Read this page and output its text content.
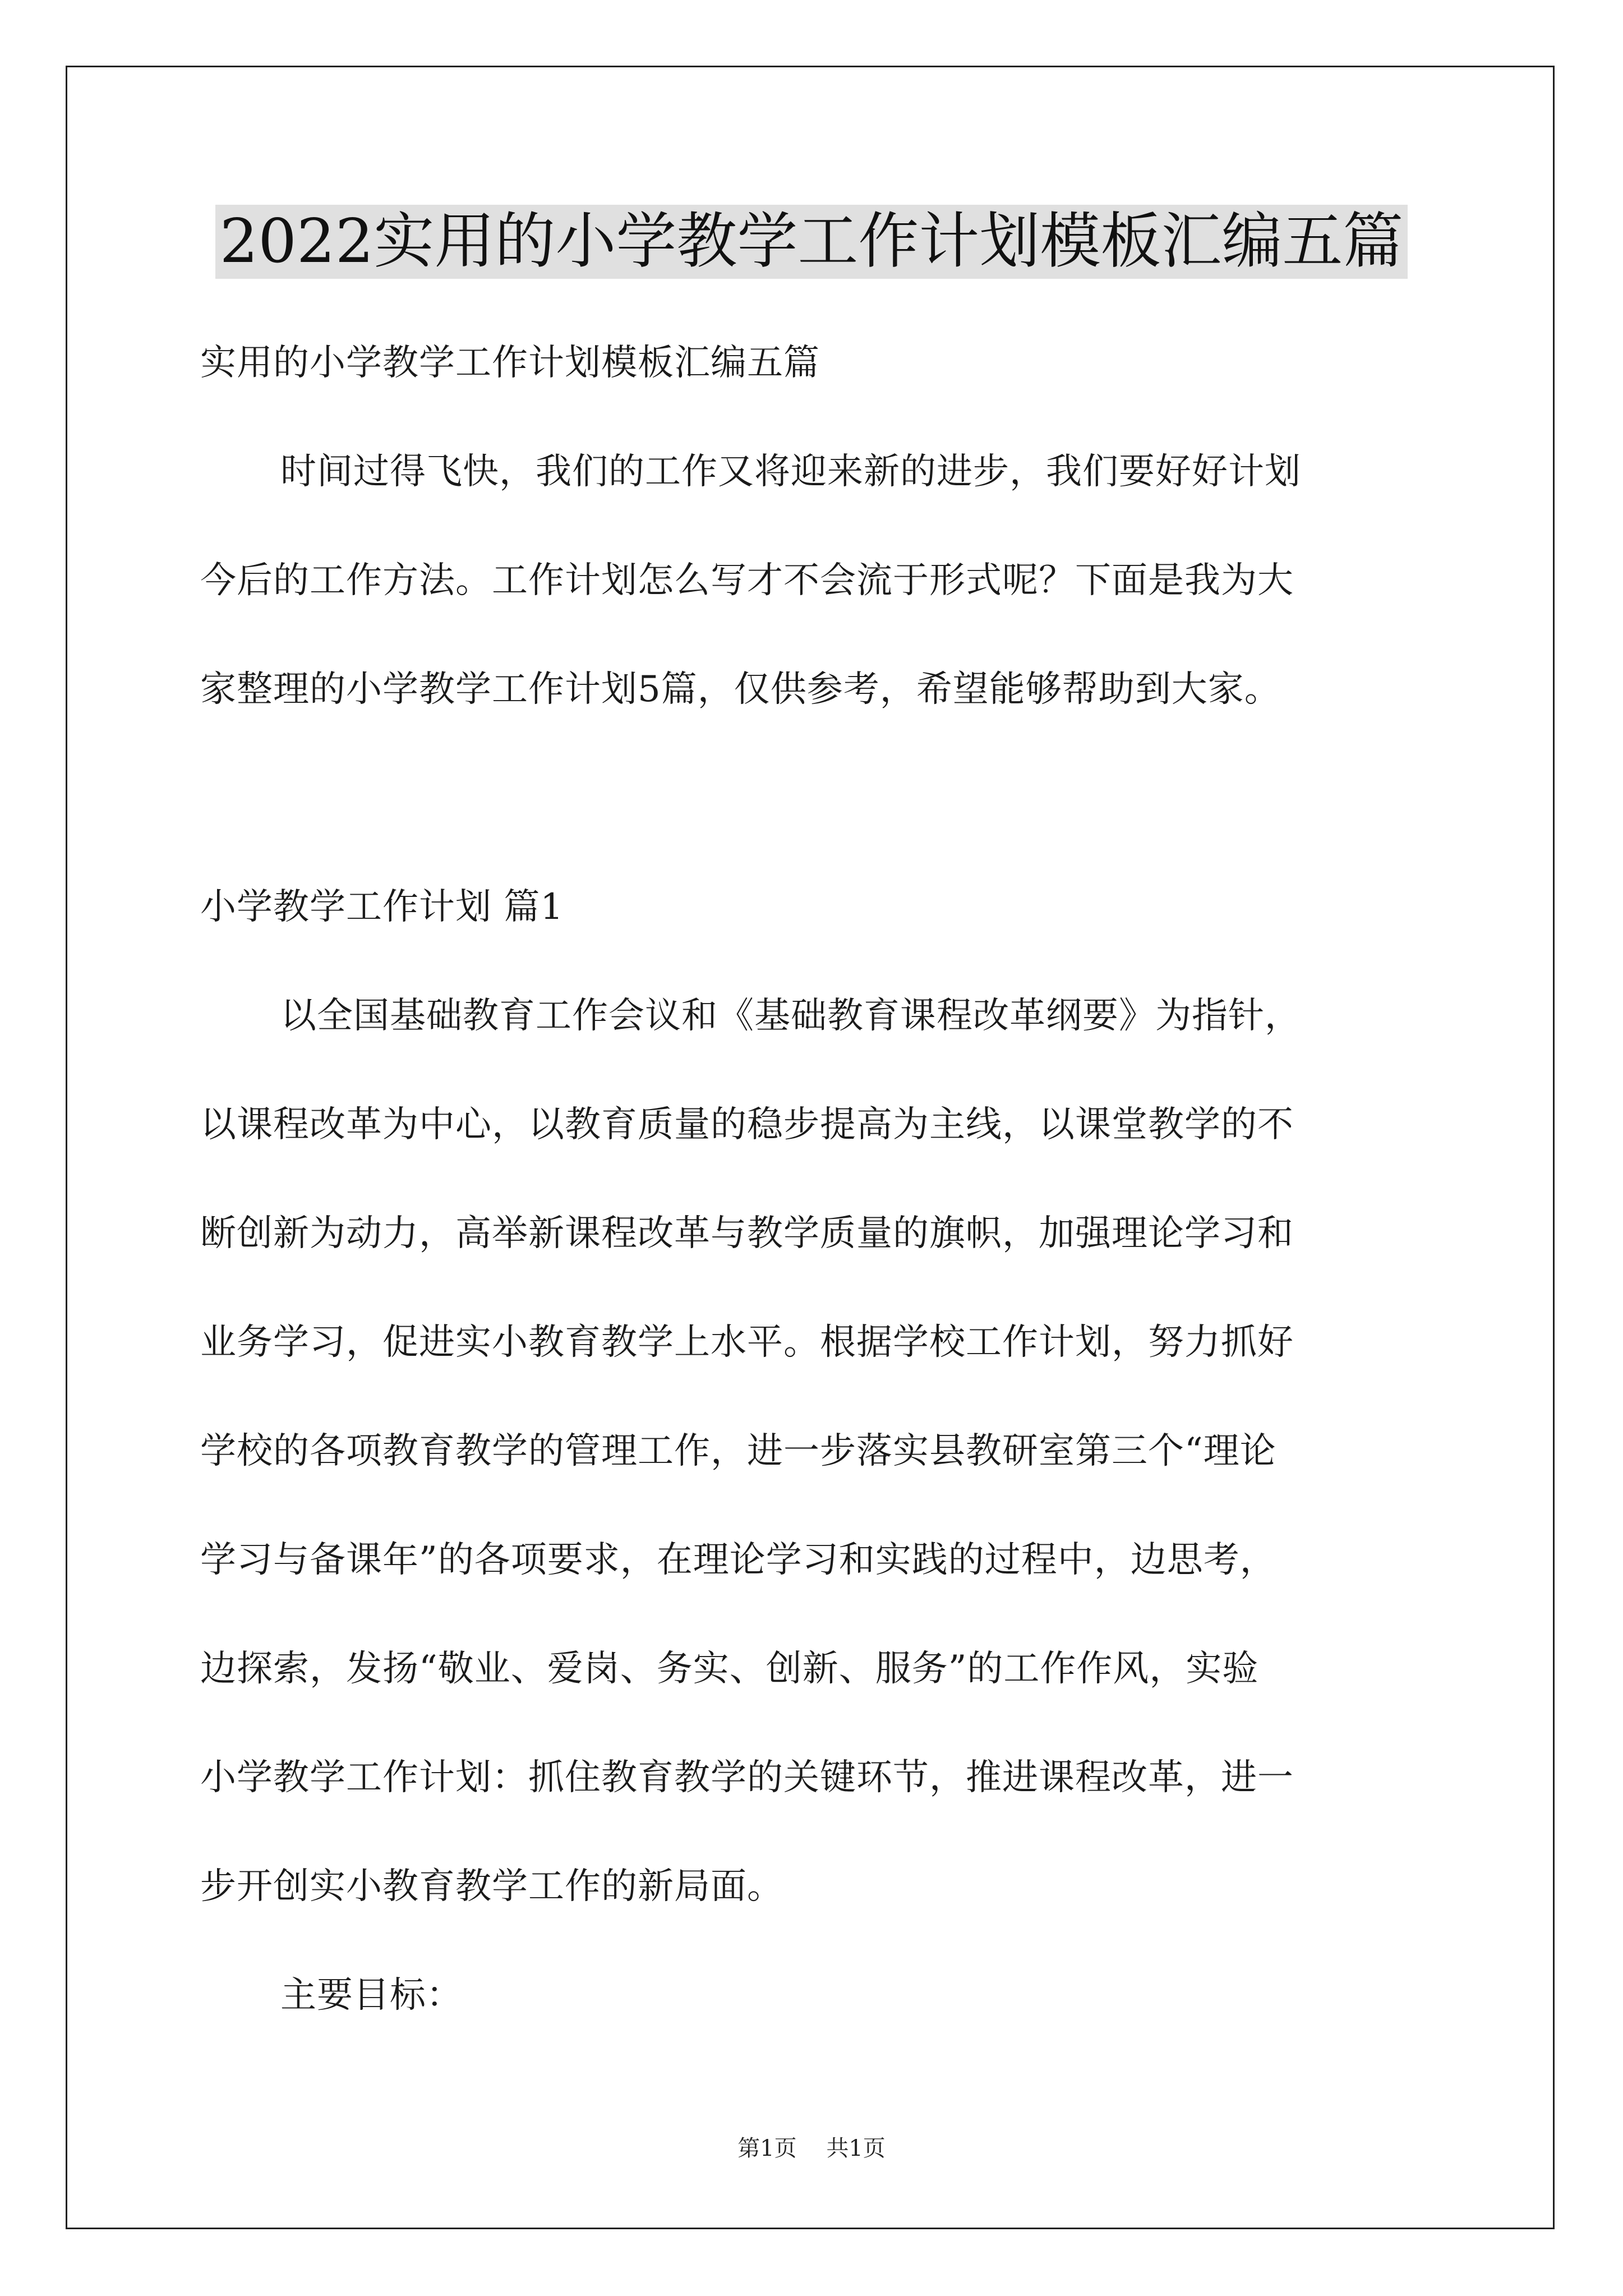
2022实用的小学教学工作计划模板汇编五篇

实用的小学教学工作计划模板汇编五篇

时间过得飞快，我们的工作又将迎来新的进步，我们要好好计划

今后的工作方法。工作计划怎么写才不会流于形式呢？下面是我为大

家整理的小学教学工作计划5篇，仅供参考，希望能够帮助到大家。

小学教学工作计划 篇1

以全国基础教育工作会议和《基础教育课程改革纲要》为指针，

以课程改革为中心，以教育质量的稳步提高为主线，以课堂教学的不

断创新为动力，高举新课程改革与教学质量的旗帜，加强理论学习和

业务学习，促进实小教育教学上水平。根据学校工作计划，努力抓好

学校的各项教育教学的管理工作，进一步落实县教研室第三个“理论

学习与备课年”的各项要求，在理论学习和实践的过程中，边思考，

边探索，发扬“敬业、爱岗、务实、创新、服务”的工作作风，实验

小学教学工作计划：抓住教育教学的关键环节，推进课程改革，进一

步开创实小教育教学工作的新局面。

主要目标：

第1页 共1页
